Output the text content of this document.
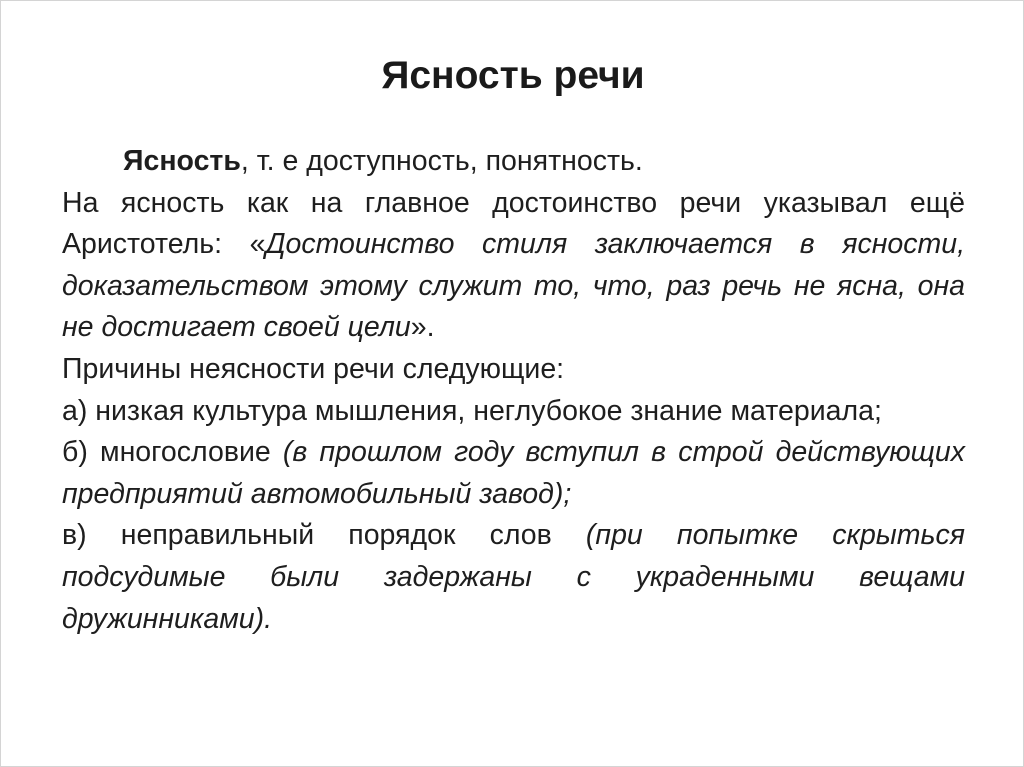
Ясность речи

Ясность, т. е доступность, понятность.

На ясность как на главное достоинство речи указывал ещё Аристотель: «Достоинство стиля заключается в ясности, доказательством этому служит то, что, раз речь не ясна, она не достигает своей цели».

Причины неясности речи следующие:

а) низкая культура мышления, неглубокое знание материала;

б) многословие (в прошлом году вступил в строй действующих предприятий автомобильный завод);

в) неправильный порядок слов (при попытке скрыться подсудимые были задержаны с украденными вещами дружинниками).
